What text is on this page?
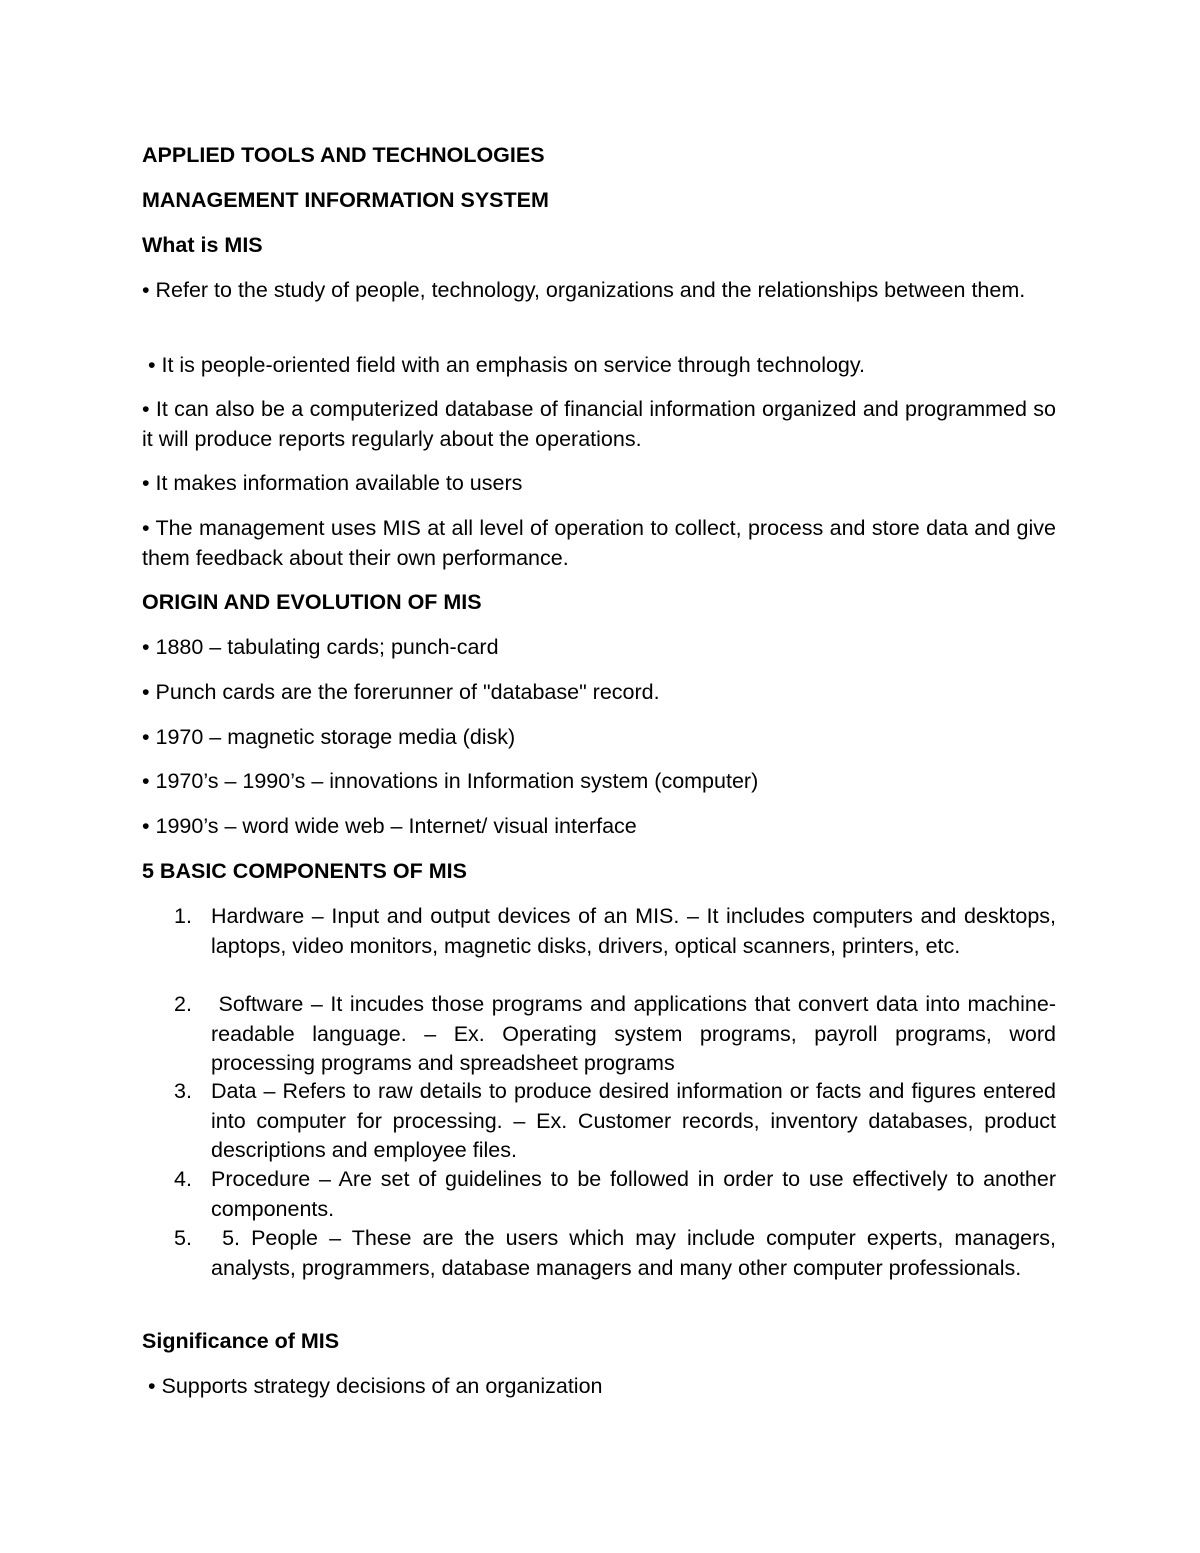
APPLIED TOOLS AND TECHNOLOGIES

MANAGEMENT INFORMATION SYSTEM

What is MIS

• Refer to the study of people, technology, organizations and the relationships between them.

• It is people-oriented field with an emphasis on service through technology.

• It can also be a computerized database of financial information organized and programmed so it will produce reports regularly about the operations.

• It makes information available to users

• The management uses MIS at all level of operation to collect, process and store data and give them feedback about their own performance.

ORIGIN AND EVOLUTION OF MIS

• 1880 – tabulating cards; punch-card

• Punch cards are the forerunner of "database" record.

• 1970 – magnetic storage media (disk)

• 1970’s – 1990’s – innovations in Information system (computer)

• 1990’s – word wide web – Internet/ visual interface

5 BASIC COMPONENTS OF MIS

1. Hardware – Input and output devices of an MIS. – It includes computers and desktops, laptops, video monitors, magnetic disks, drivers, optical scanners, printers, etc.

2. Software – It incudes those programs and applications that convert data into machine-readable language. – Ex. Operating system programs, payroll programs, word processing programs and spreadsheet programs

3. Data – Refers to raw details to produce desired information or facts and figures entered into computer for processing. – Ex. Customer records, inventory databases, product descriptions and employee files.

4. Procedure – Are set of guidelines to be followed in order to use effectively to another components.

5. 5. People – These are the users which may include computer experts, managers, analysts, programmers, database managers and many other computer professionals.

Significance of MIS

• Supports strategy decisions of an organization
